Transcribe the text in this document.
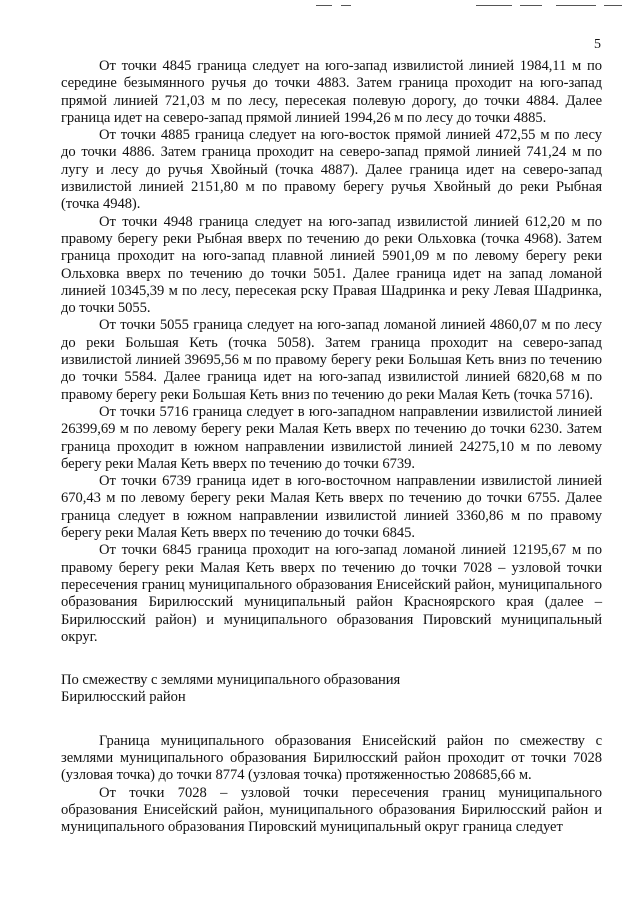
5

От точки 4845 граница следует на юго-запад извилистой линией 1984,11 м по середине безымянного ручья до точки 4883. Затем граница проходит на юго-запад прямой линией 721,03 м по лесу, пересекая полевую дорогу, до точки 4884. Далее граница идет на северо-запад прямой линией 1994,26 м по лесу до точки 4885.

От точки 4885 граница следует на юго-восток прямой линией 472,55 м по лесу до точки 4886. Затем граница проходит на северо-запад прямой линией 741,24 м по лугу и лесу до ручья Хвойный (точка 4887). Далее граница идет на северо-запад извилистой линией 2151,80 м по правому берегу ручья Хвойный до реки Рыбная (точка 4948).

От точки 4948 граница следует на юго-запад извилистой линией 612,20 м по правому берегу реки Рыбная вверх по течению до реки Ольховка (точка 4968). Затем граница проходит на юго-запад плавной линией 5901,09 м по левому берегу реки Ольховка вверх по течению до точки 5051. Далее граница идет на запад ломаной линией 10345,39 м по лесу, пересекая рску Правая Шадринка и реку Левая Шадринка, до точки 5055.

От точки 5055 граница следует на юго-запад ломаной линией 4860,07 м по лесу до реки Большая Кеть (точка 5058). Затем граница проходит на северо-запад извилистой линией 39695,56 м по правому берегу реки Большая Кеть вниз по течению до точки 5584. Далее граница идет на юго-запад извилистой линией 6820,68 м по правому берегу реки Большая Кеть вниз по течению до реки Малая Кеть (точка 5716).

От точки 5716 граница следует в юго-западном направлении извилистой линией 26399,69 м по левому берегу реки Малая Кеть вверх по течению до точки 6230. Затем граница проходит в южном направлении извилистой линией 24275,10 м по левому берегу реки Малая Кеть вверх по течению до точки 6739.

От точки 6739 граница идет в юго-восточном направлении извилистой линией 670,43 м по левому берегу реки Малая Кеть вверх по течению до точки 6755. Далее граница следует в южном направлении извилистой линией 3360,86 м по правому берегу реки Малая Кеть вверх по течению до точки 6845.

От точки 6845 граница проходит на юго-запад ломаной линией 12195,67 м по правому берегу реки Малая Кеть вверх по течению до точки 7028 – узловой точки пересечения границ муниципального образования Енисейский район, муниципального образования Бирилюсский муниципальный район Красноярского края (далее – Бирилюсский район) и муниципального образования Пировский муниципальный округ.

По смежеству с землями муниципального образования
Бирилюсский район

Граница муниципального образования Енисейский район по смежеству с землями муниципального образования Бирилюсский район проходит от точки 7028 (узловая точка) до точки 8774 (узловая точка) протяженностью 208685,66 м.

От точки 7028 – узловой точки пересечения границ муниципального образования Енисейский район, муниципального образования Бирилюсский район и муниципального образования Пировский муниципальный округ граница следует
